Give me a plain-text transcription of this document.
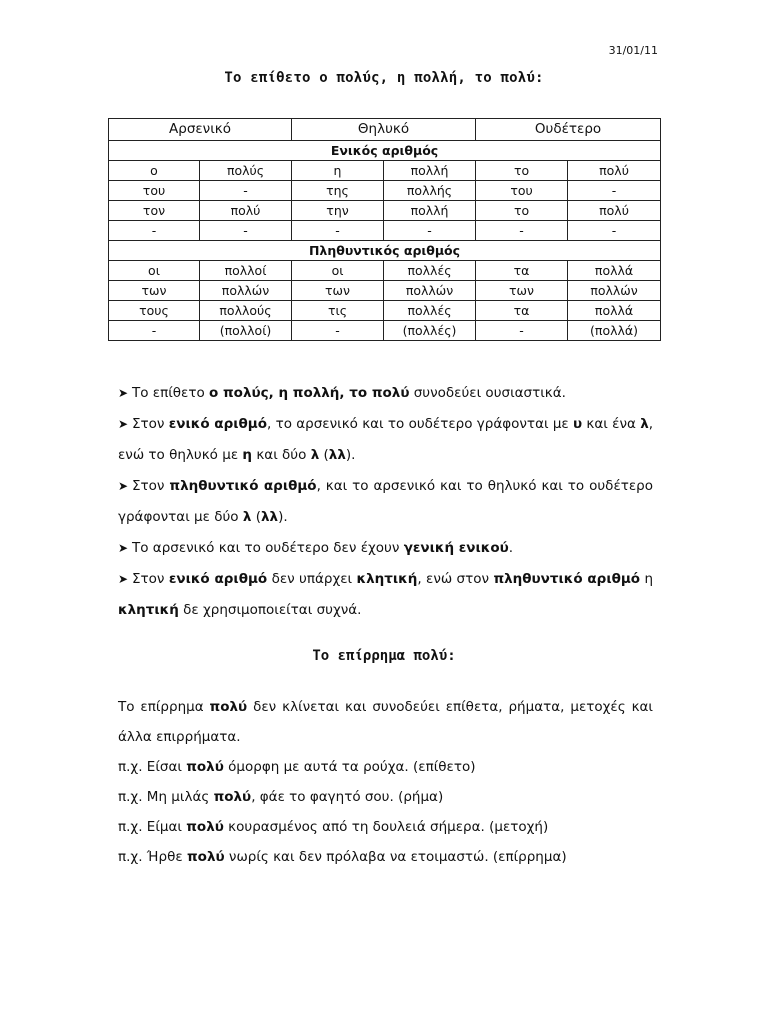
31/01/11
Το επίθετο ο πολύς, η πολλή, το πολύ:
Αρσενικό		Θηλυκό		Ουδέτερο	
Ενικός αριθμός					
ο	πολύς	η	πολλή	το	πολύ
του	-	της	πολλής	του	-
τον	πολύ	την	πολλή	το	πολύ
-	-	-	-	-	-
Πληθυντικός αριθμός					
οι	πολλοί	οι	πολλές	τα	πολλά
των	πολλών	των	πολλών	των	πολλών
τους	πολλούς	τις	πολλές	τα	πολλά
-	(πολλοί)	-	(πολλές)	-	(πολλά)

➤ Το επίθετο ο πολύς, η πολλή, το πολύ συνοδεύει ουσιαστικά.

➤ Στον ενικό αριθμό, το αρσενικό και το ουδέτερο γράφονται με υ και ένα λ, ενώ το θηλυκό με η και δύο λ (λλ).

➤ Στον πληθυντικό αριθμό, και το αρσενικό και το θηλυκό και το ουδέτερο γράφονται με δύο λ (λλ).

➤ Το αρσενικό και το ουδέτερο δεν έχουν γενική ενικού.

➤ Στον ενικό αριθμό δεν υπάρχει κλητική, ενώ στον πληθυντικό αριθμό η κλητική δε χρησιμοποιείται συχνά.

Το επίρρημα πολύ:

Το επίρρημα πολύ δεν κλίνεται και συνοδεύει επίθετα, ρήματα, μετοχές και άλλα επιρρήματα.

π.χ. Είσαι πολύ όμορφη με αυτά τα ρούχα. (επίθετο)

π.χ. Μη μιλάς πολύ, φάε το φαγητό σου. (ρήμα)

π.χ. Είμαι πολύ κουρασμένος από τη δουλειά σήμερα. (μετοχή)

π.χ. Ήρθε πολύ νωρίς και δεν πρόλαβα να ετοιμαστώ. (επίρρημα)
